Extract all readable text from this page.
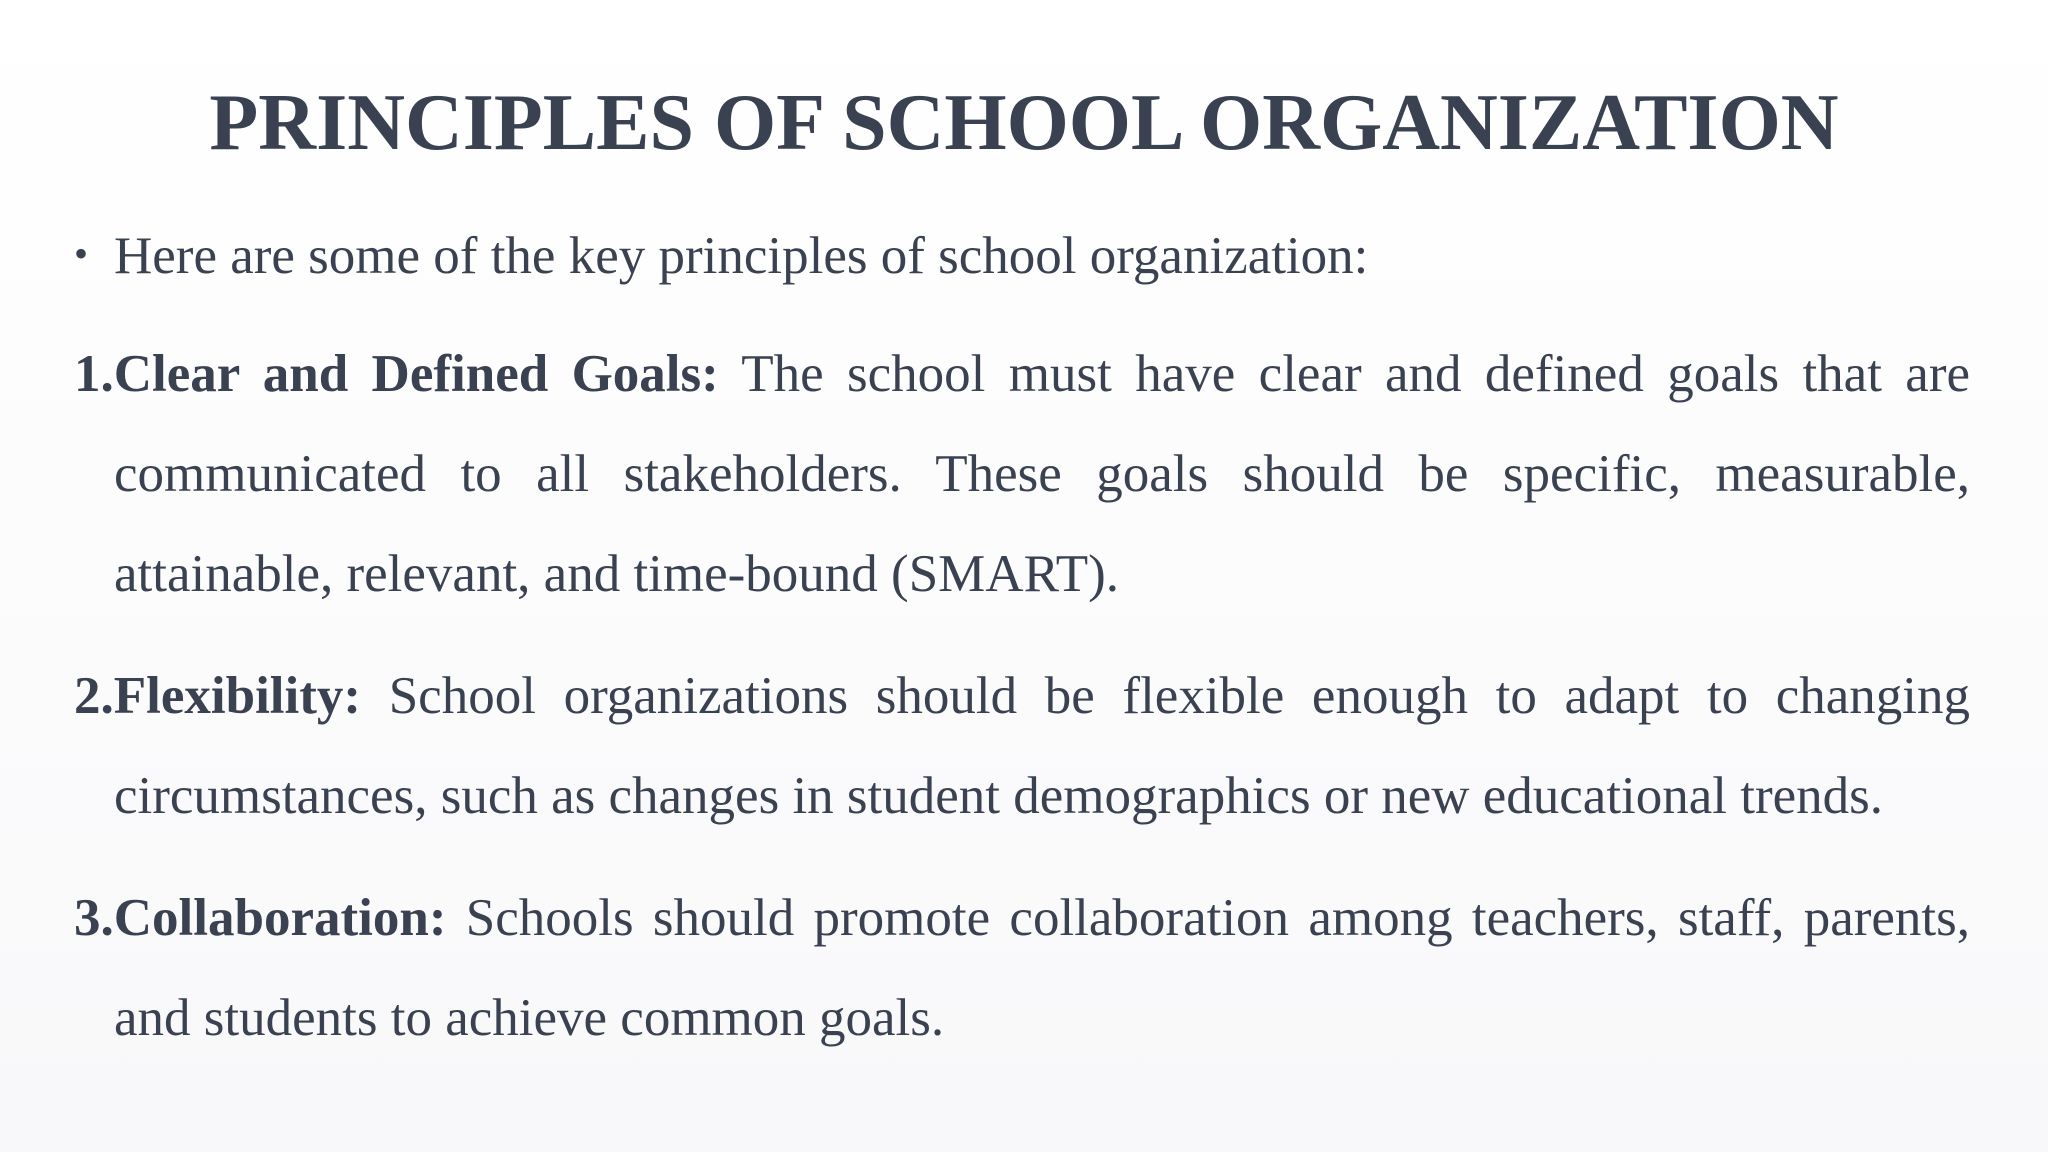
PRINCIPLES OF SCHOOL ORGANIZATION

• Here are some of the key principles of school organization:

1.Clear and Defined Goals: The school must have clear and defined goals that are communicated to all stakeholders. These goals should be specific, measurable, attainable, relevant, and time-bound (SMART).

2.Flexibility: School organizations should be flexible enough to adapt to changing circumstances, such as changes in student demographics or new educational trends.

3.Collaboration: Schools should promote collaboration among teachers, staff, parents, and students to achieve common goals.
